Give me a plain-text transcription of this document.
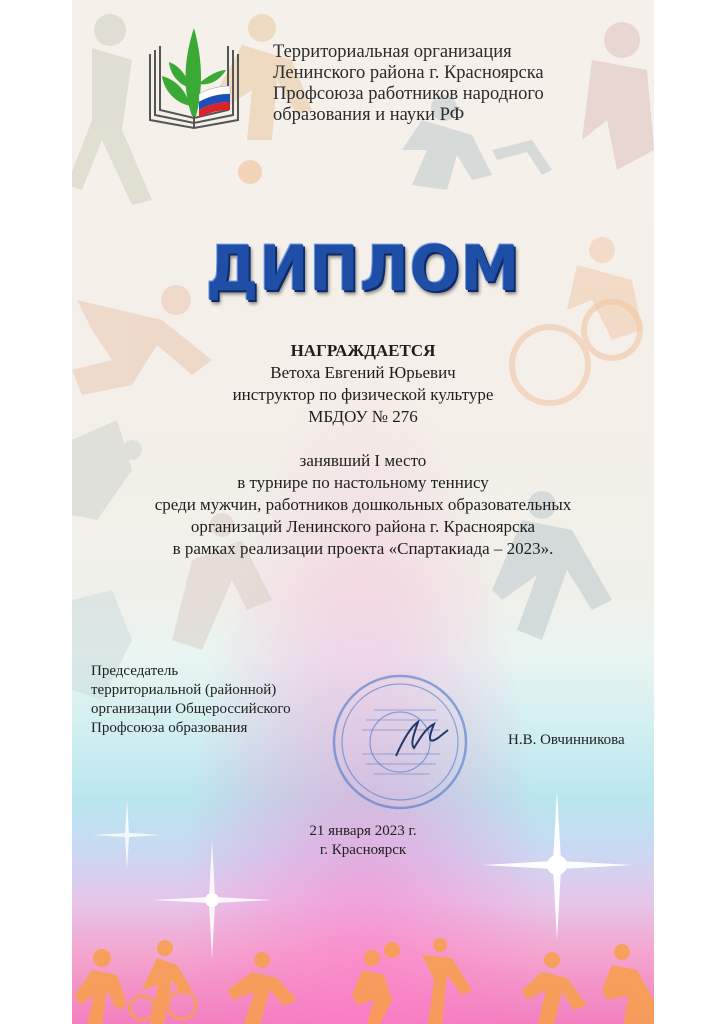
Территориальная организация
Ленинского района г. Красноярска
Профсоюза работников народного
образования и науки РФ
ДИПЛОМ
НАГРАЖДАЕТСЯ
Ветоха Евгений Юрьевич
инструктор по физической культуре
МБДОУ № 276
занявший I место
в турнире по настольному теннису
среди мужчин, работников дошкольных образовательных
организаций Ленинского района г. Красноярска
в рамках реализации проекта «Спартакиада – 2023».
Председатель
территориальной (районной)
организации Общероссийского
Профсоюза образования
Н.В. Овчинникова
21 января 2023 г.
г. Красноярск
